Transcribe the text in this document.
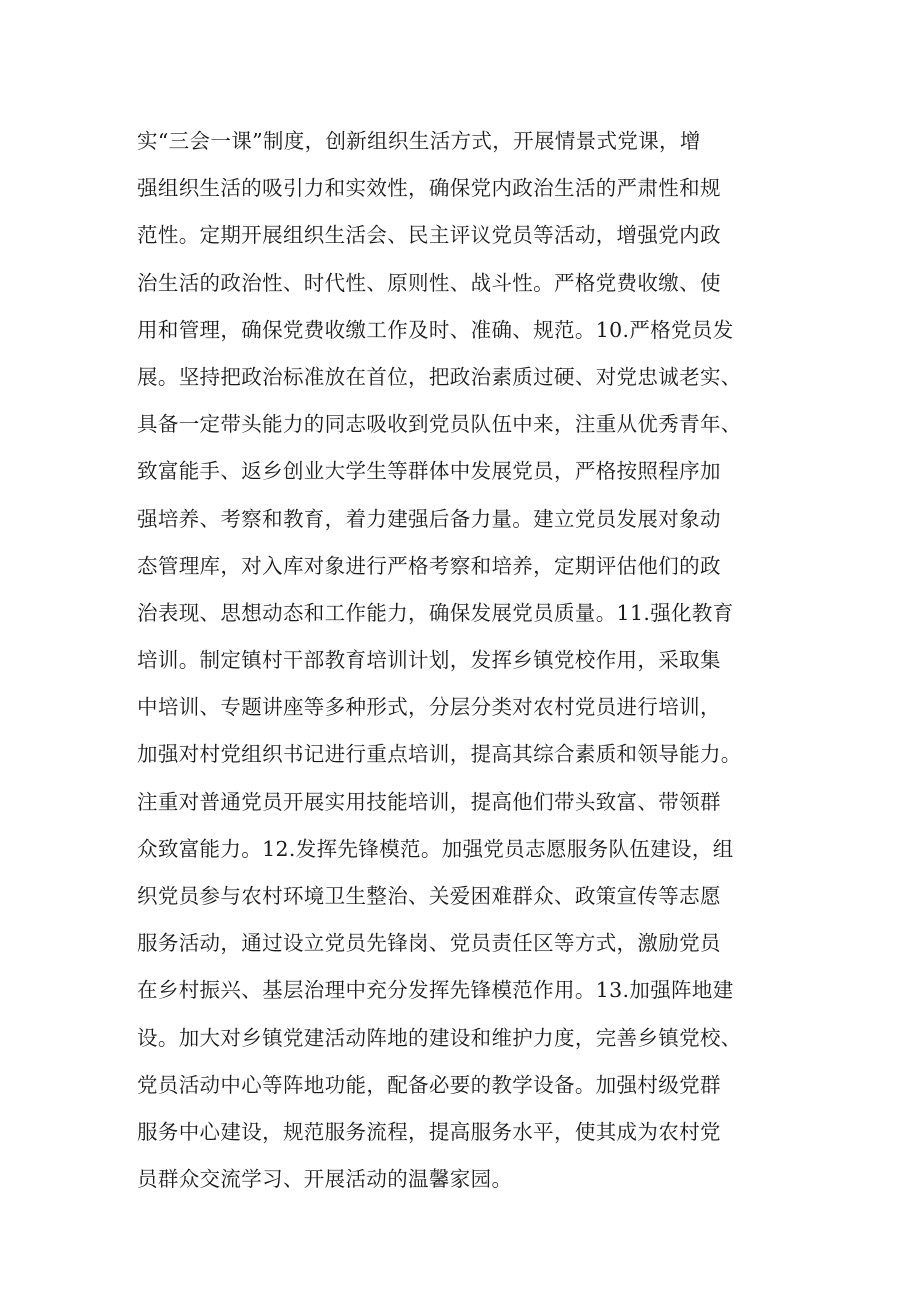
实“三会一课”制度，创新组织生活方式，开展情景式党课，增
强组织生活的吸引力和实效性，确保党内政治生活的严肃性和规
范性。定期开展组织生活会、民主评议党员等活动，增强党内政
治生活的政治性、时代性、原则性、战斗性。严格党费收缴、使
用和管理，确保党费收缴工作及时、准确、规范。10.严格党员发
展。坚持把政治标准放在首位，把政治素质过硬、对党忠诚老实、
具备一定带头能力的同志吸收到党员队伍中来，注重从优秀青年、
致富能手、返乡创业大学生等群体中发展党员，严格按照程序加
强培养、考察和教育，着力建强后备力量。建立党员发展对象动
态管理库，对入库对象进行严格考察和培养，定期评估他们的政
治表现、思想动态和工作能力，确保发展党员质量。11.强化教育
培训。制定镇村干部教育培训计划，发挥乡镇党校作用，采取集
中培训、专题讲座等多种形式，分层分类对农村党员进行培训，
加强对村党组织书记进行重点培训，提高其综合素质和领导能力。
注重对普通党员开展实用技能培训，提高他们带头致富、带领群
众致富能力。12.发挥先锋模范。加强党员志愿服务队伍建设，组
织党员参与农村环境卫生整治、关爱困难群众、政策宣传等志愿
服务活动，通过设立党员先锋岗、党员责任区等方式，激励党员
在乡村振兴、基层治理中充分发挥先锋模范作用。13.加强阵地建
设。加大对乡镇党建活动阵地的建设和维护力度，完善乡镇党校、
党员活动中心等阵地功能，配备必要的教学设备。加强村级党群
服务中心建设，规范服务流程，提高服务水平，使其成为农村党
员群众交流学习、开展活动的温馨家园。
